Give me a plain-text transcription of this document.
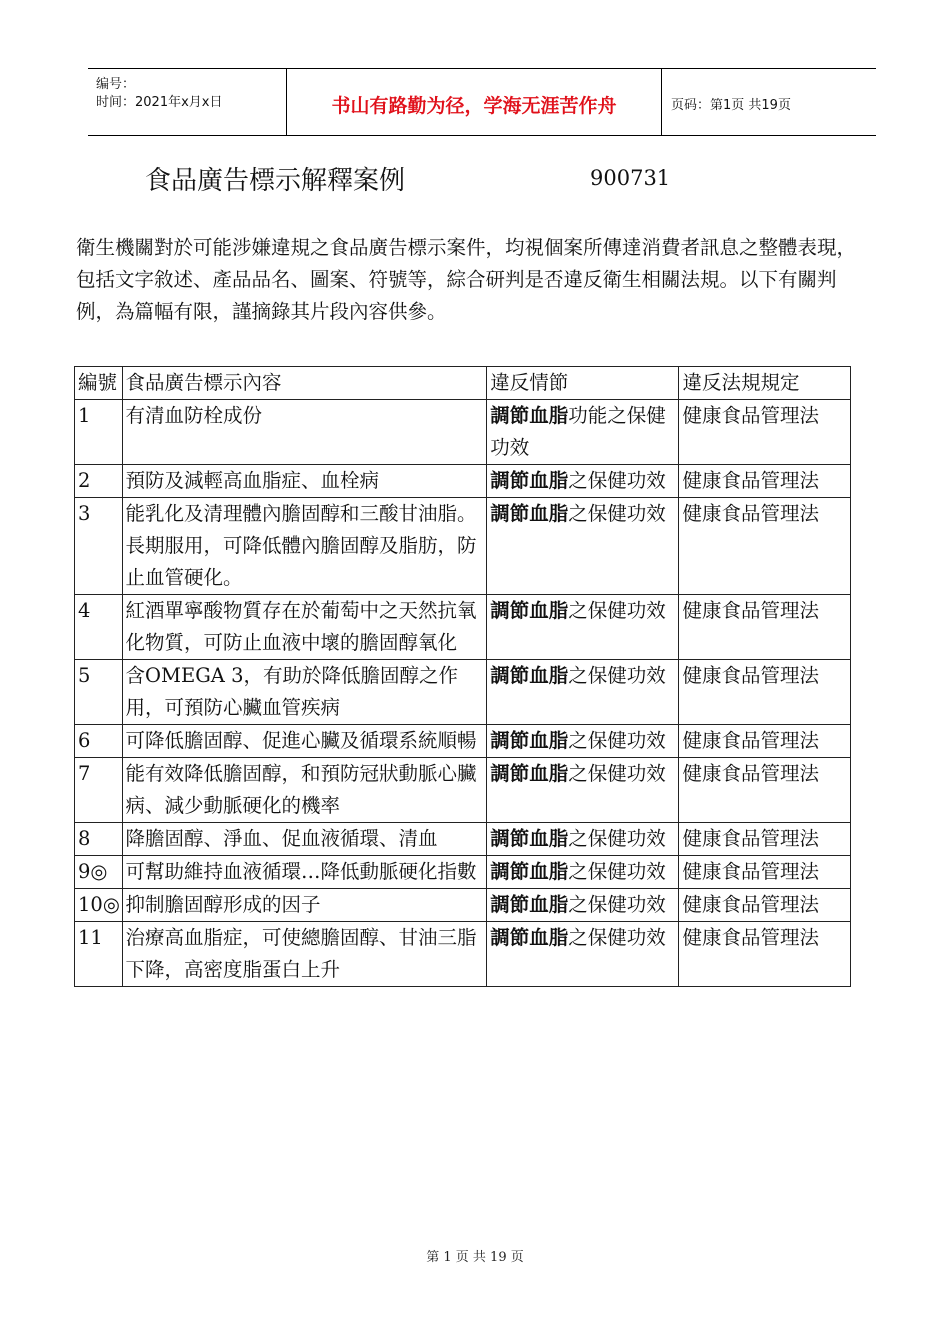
编号：
时间：2021年x月x日	书山有路勤为径，学海无涯苦作舟	页码：第1页 共19页
食品廣告標示解釋案例	900731

衛生機關對於可能涉嫌違規之食品廣告標示案件，均視個案所傳達消費者訊息之整體表現，包括文字敘述、產品品名、圖案、符號等，綜合研判是否違反衛生相關法規。以下有關判例，為篇幅有限，謹摘錄其片段內容供參。

編號	食品廣告標示內容	違反情節	違反法規規定
1	有清血防栓成份	調節血脂功能之保健功效	健康食品管理法
2	預防及減輕高血脂症、血栓病	調節血脂之保健功效	健康食品管理法
3	能乳化及清理體內膽固醇和三酸甘油脂。長期服用，可降低體內膽固醇及脂肪，防止血管硬化。	調節血脂之保健功效	健康食品管理法
4	紅酒單寧酸物質存在於葡萄中之天然抗氧化物質，可防止血液中壞的膽固醇氧化	調節血脂之保健功效	健康食品管理法
5	含OMEGA 3，有助於降低膽固醇之作用，可預防心臟血管疾病	調節血脂之保健功效	健康食品管理法
6	可降低膽固醇、促進心臟及循環系統順暢	調節血脂之保健功效	健康食品管理法
7	能有效降低膽固醇，和預防冠狀動脈心臟病、減少動脈硬化的機率	調節血脂之保健功效	健康食品管理法
8	降膽固醇、淨血、促血液循環、清血	調節血脂之保健功效	健康食品管理法
9◎	可幫助維持血液循環…降低動脈硬化指數	調節血脂之保健功效	健康食品管理法
10◎	抑制膽固醇形成的因子	調節血脂之保健功效	健康食品管理法
11	治療高血脂症，可使總膽固醇、甘油三脂下降，高密度脂蛋白上升	調節血脂之保健功效	健康食品管理法
第 1 页 共 19 页
